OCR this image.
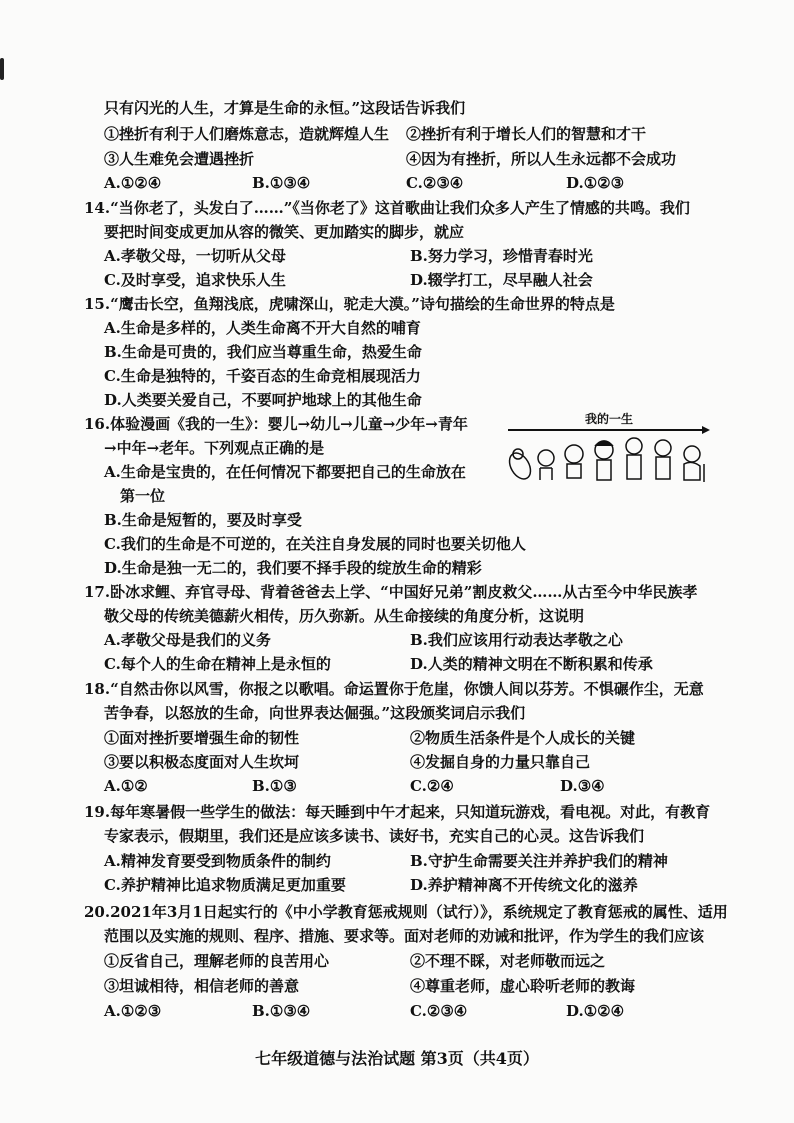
只有闪光的人生，才算是生命的永恒。”这段话告诉我们
①挫折有利于人们磨炼意志，造就辉煌人生 ②挫折有利于增长人们的智慧和才干
③人生难免会遭遇挫折	④因为有挫折，所以人生永远都不会成功
A.①②④	B.①③④	C.②③④	D.①②③
14.“当你老了，头发白了……”《当你老了》这首歌曲让我们众多人产生了情感的共鸣。我们
要把时间变成更加从容的微笑、更加踏实的脚步，就应
A.孝敬父母，一切听从父母	B.努力学习，珍惜青春时光
C.及时享受，追求快乐人生	D.辍学打工，尽早融人社会
15.“鹰击长空，鱼翔浅底，虎啸深山，驼走大漠。”诗句描绘的生命世界的特点是
A.生命是多样的，人类生命离不开大自然的哺育
B.生命是可贵的，我们应当尊重生命，热爱生命
C.生命是独特的，千姿百态的生命竞相展现活力
D.人类要关爱自己，不要呵护地球上的其他生命
16.体验漫画《我的一生》：婴儿→幼儿→儿童→少年→青年
→中年→老年。下列观点正确的是
A.生命是宝贵的，在任何情况下都要把自己的生命放在
第一位
B.生命是短暂的，要及时享受
C.我们的生命是不可逆的，在关注自身发展的同时也要关切他人
D.生命是独一无二的，我们要不择手段的绽放生命的精彩
我的一生
17.卧冰求鲤、弃官寻母、背着爸爸去上学、“中国好兄弟”割皮救父……从古至今中华民族孝
敬父母的传统美德薪火相传，历久弥新。从生命接续的角度分析，这说明
A.孝敬父母是我们的义务	B.我们应该用行动表达孝敬之心
C.每个人的生命在精神上是永恒的	D.人类的精神文明在不断积累和传承
18.“自然击你以风雪，你报之以歌唱。命运置你于危崖，你馈人间以芬芳。不惧碾作尘，无意
苦争春，以怒放的生命，向世界表达倔强。”这段颁奖词启示我们
①面对挫折要增强生命的韧性	②物质生活条件是个人成长的关键
③要以积极态度面对人生坎坷	④发掘自身的力量只靠自己
A.①②	B.①③	C.②④	D.③④
19.每年寒暑假一些学生的做法：每天睡到中午才起来，只知道玩游戏，看电视。对此，有教育
专家表示，假期里，我们还是应该多读书、读好书，充实自己的心灵。这告诉我们
A.精神发育要受到物质条件的制约	B.守护生命需要关注并养护我们的精神
C.养护精神比追求物质满足更加重要	D.养护精神离不开传统文化的滋养
20.2021年3月1日起实行的《中小学教育惩戒规则（试行）》，系统规定了教育惩戒的属性、适用
范围以及实施的规则、程序、措施、要求等。面对老师的劝诫和批评，作为学生的我们应该
①反省自己，理解老师的良苦用心	②不理不睬，对老师敬而远之
③坦诚相待，相信老师的善意	④尊重老师，虚心聆听老师的教诲
A.①②③	B.①③④	C.②③④	D.①②④
七年级道德与法治试题 第3页（共4页）
